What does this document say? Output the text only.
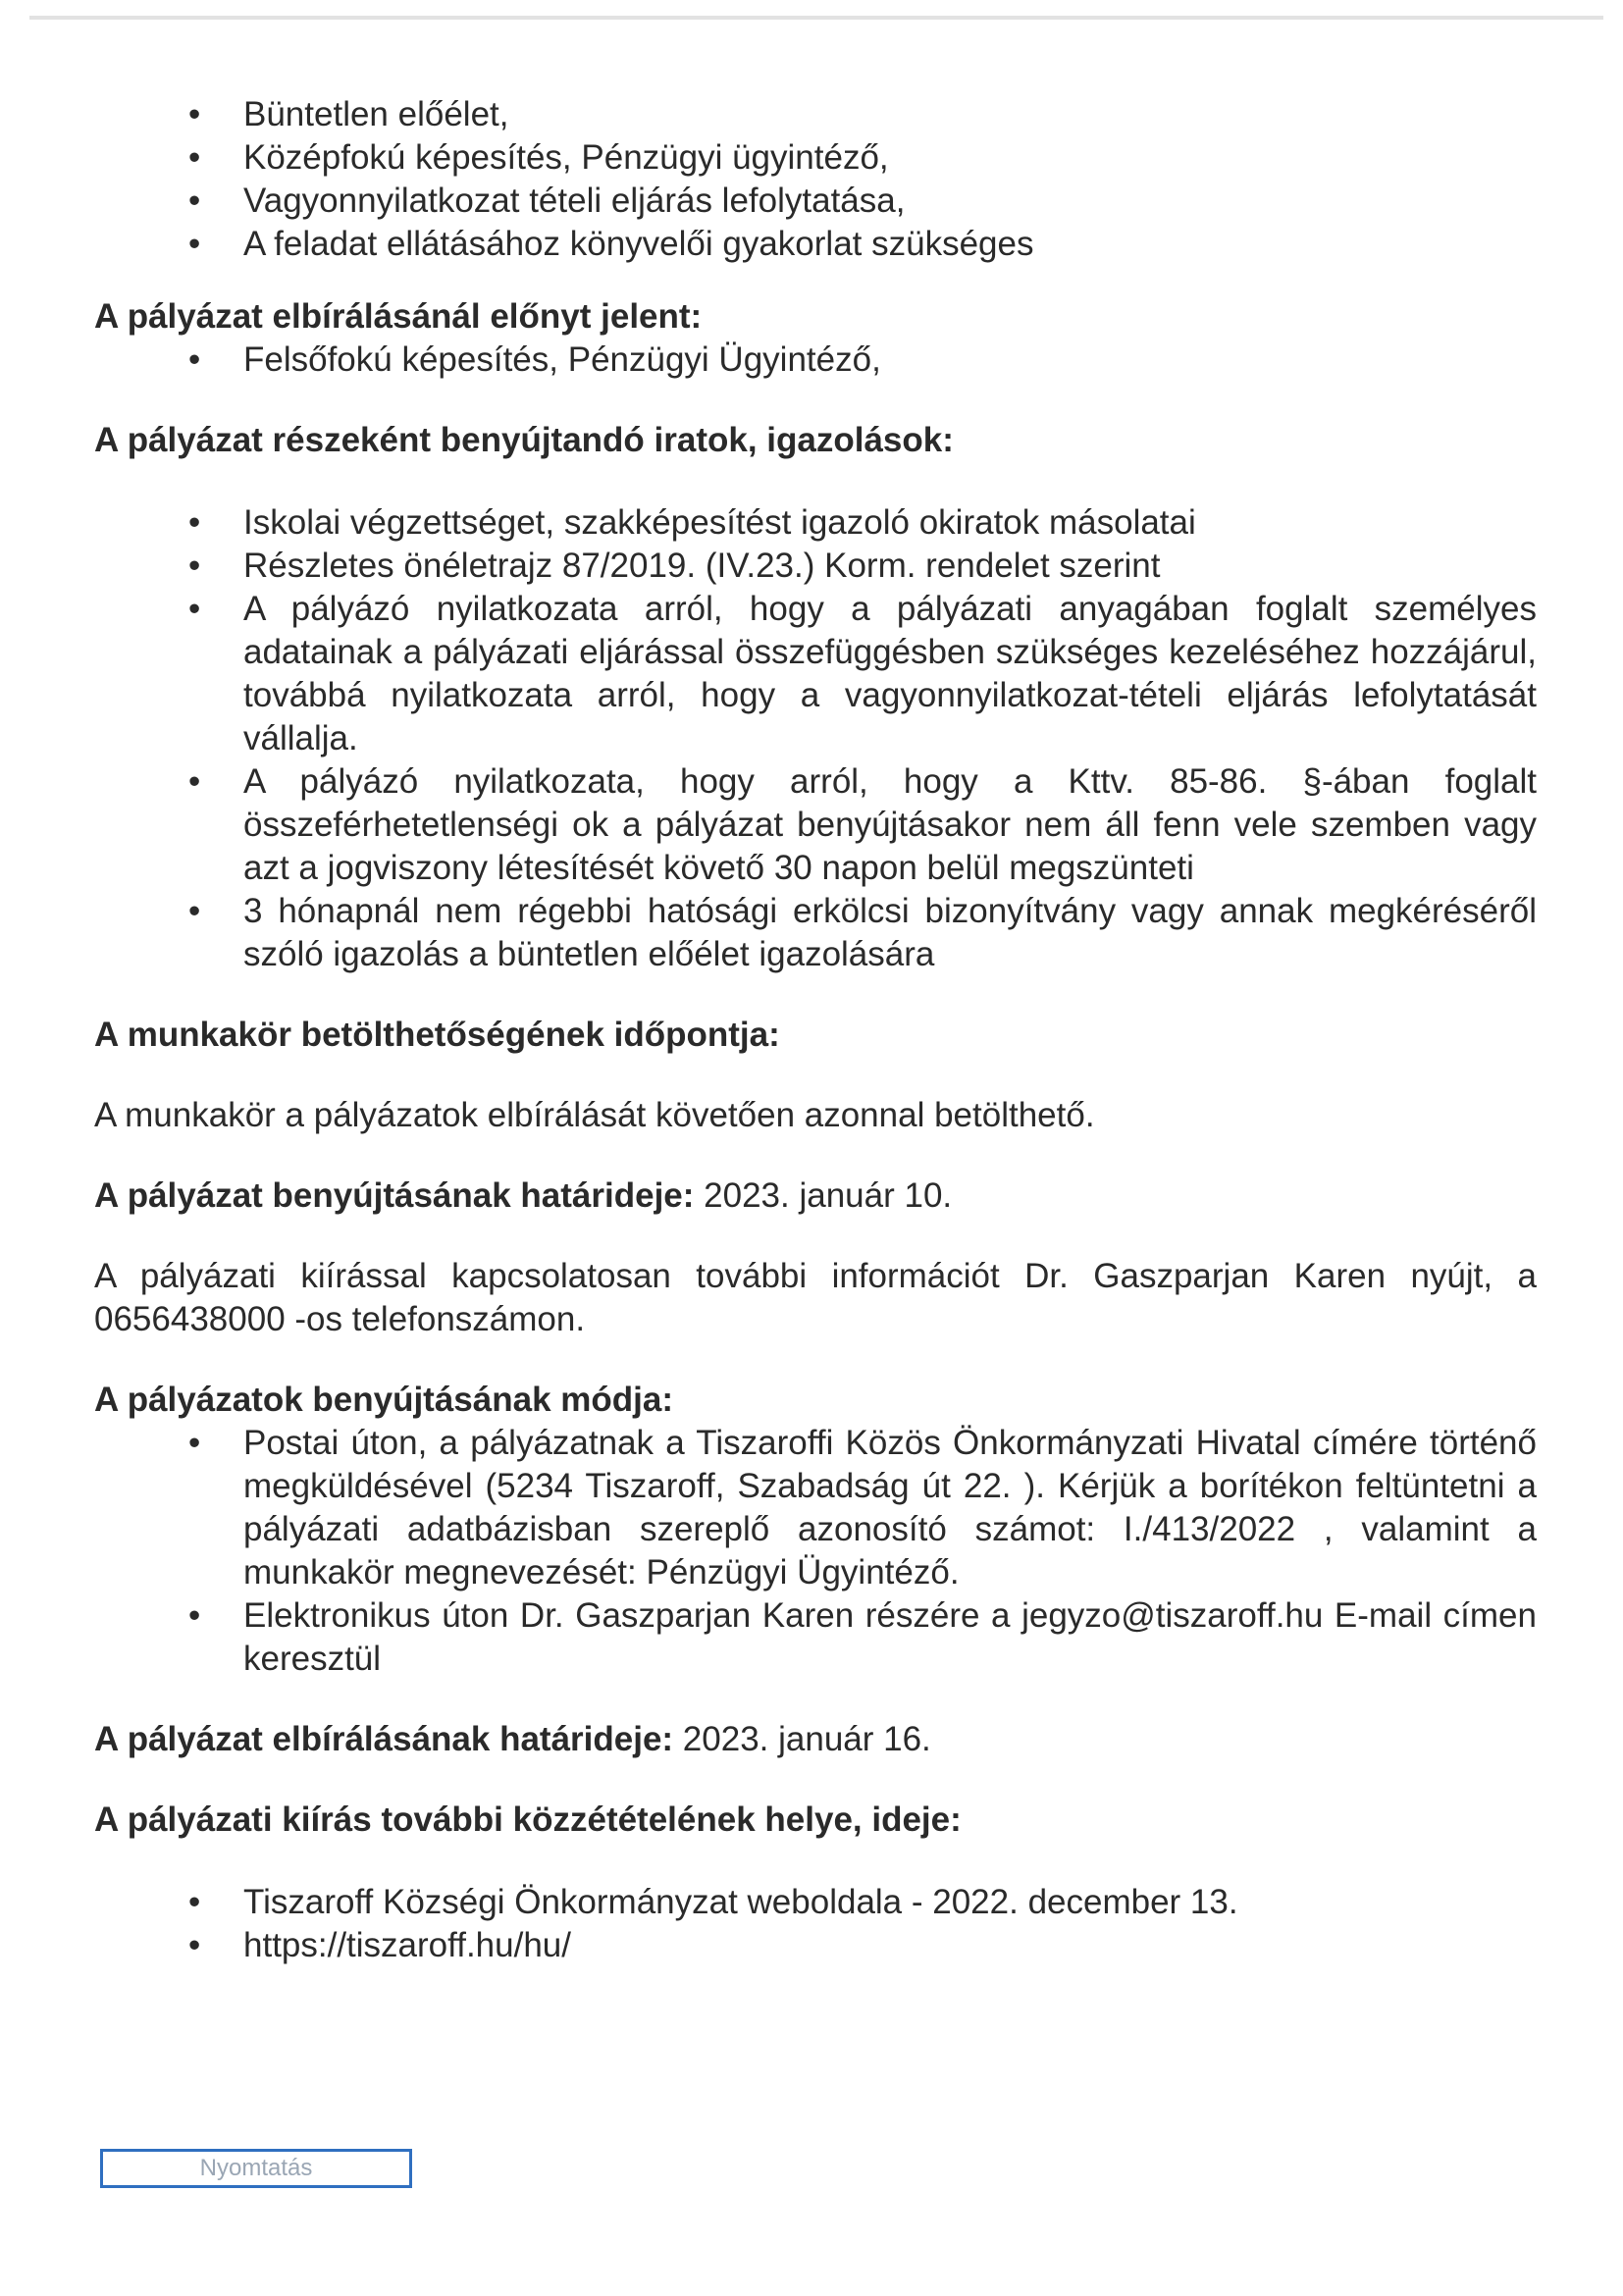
• Büntetlen előélet,
• Középfokú képesítés, Pénzügyi ügyintéző,
• Vagyonnyilatkozat tételi eljárás lefolytatása,
• A feladat ellátásához könyvelői gyakorlat szükséges

A pályázat elbírálásánál előnyt jelent:

• Felsőfokú képesítés, Pénzügyi Ügyintéző,

A pályázat részeként benyújtandó iratok, igazolások:

• Iskolai végzettséget, szakképesítést igazoló okiratok másolatai
• Részletes önéletrajz 87/2019. (IV.23.) Korm. rendelet szerint
• A pályázó nyilatkozata arról, hogy a pályázati anyagában foglalt személyes adatainak a pályázati eljárással összefüggésben szükséges kezeléséhez hozzájárul, továbbá nyilatkozata arról, hogy a vagyonnyilatkozat-tételi eljárás lefolytatását vállalja.
• A pályázó nyilatkozata, hogy arról, hogy a Kttv. 85-86. §-ában foglalt összeférhetetlenségi ok a pályázat benyújtásakor nem áll fenn vele szemben vagy azt a jogviszony létesítését követő 30 napon belül megszünteti
• 3 hónapnál nem régebbi hatósági erkölcsi bizonyítvány vagy annak megkéréséről szóló igazolás a büntetlen előélet igazolására

A munkakör betölthetőségének időpontja:

A munkakör a pályázatok elbírálását követően azonnal betölthető.

A pályázat benyújtásának határideje: 2023. január 10.

A pályázati kiírással kapcsolatosan további információt Dr. Gaszparjan Karen nyújt, a 0656438000 -os telefonszámon.

A pályázatok benyújtásának módja:

• Postai úton, a pályázatnak a Tiszaroffi Közös Önkormányzati Hivatal címére történő megküldésével (5234 Tiszaroff, Szabadság út 22. ). Kérjük a borítékon feltüntetni a pályázati adatbázisban szereplő azonosító számot: I./413/2022 , valamint a munkakör megnevezését: Pénzügyi Ügyintéző.
• Elektronikus úton Dr. Gaszparjan Karen részére a jegyzo@tiszaroff.hu E-mail címen keresztül

A pályázat elbírálásának határideje: 2023. január 16.

A pályázati kiírás további közzétételének helye, ideje:

• Tiszaroff Községi Önkormányzat weboldala - 2022. december 13.
• https://tiszaroff.hu/hu/
Nyomtatás
